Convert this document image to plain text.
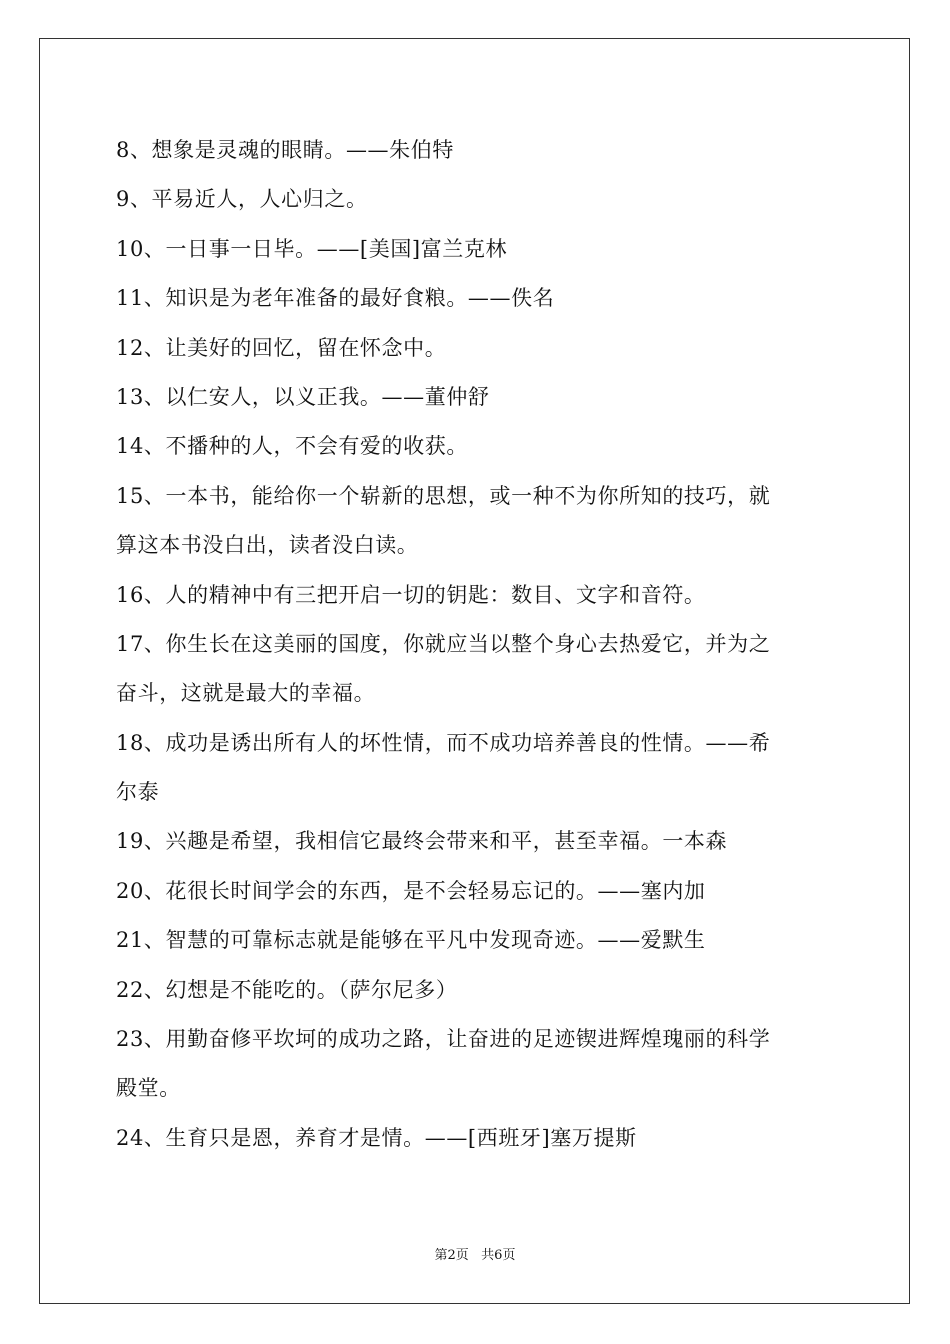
8、想象是灵魂的眼睛。——朱伯特
9、平易近人，人心归之。
10、一日事一日毕。——[美国]富兰克林
11、知识是为老年准备的最好食粮。——佚名
12、让美好的回忆，留在怀念中。
13、以仁安人，以义正我。——董仲舒
14、不播种的人，不会有爱的收获。
15、一本书，能给你一个崭新的思想，或一种不为你所知的技巧，就
算这本书没白出，读者没白读。
16、人的精神中有三把开启一切的钥匙：数目、文字和音符。
17、你生长在这美丽的国度，你就应当以整个身心去热爱它，并为之
奋斗，这就是最大的幸福。
18、成功是诱出所有人的坏性情，而不成功培养善良的性情。——希
尔泰
19、兴趣是希望，我相信它最终会带来和平，甚至幸福。一本森
20、花很长时间学会的东西，是不会轻易忘记的。——塞内加
21、智慧的可靠标志就是能够在平凡中发现奇迹。——爱默生
22、幻想是不能吃的。（萨尔尼多）
23、用勤奋修平坎坷的成功之路，让奋进的足迹锲进辉煌瑰丽的科学
殿堂。
24、生育只是恩，养育才是情。——[西班牙]塞万提斯
第2页   共6页
